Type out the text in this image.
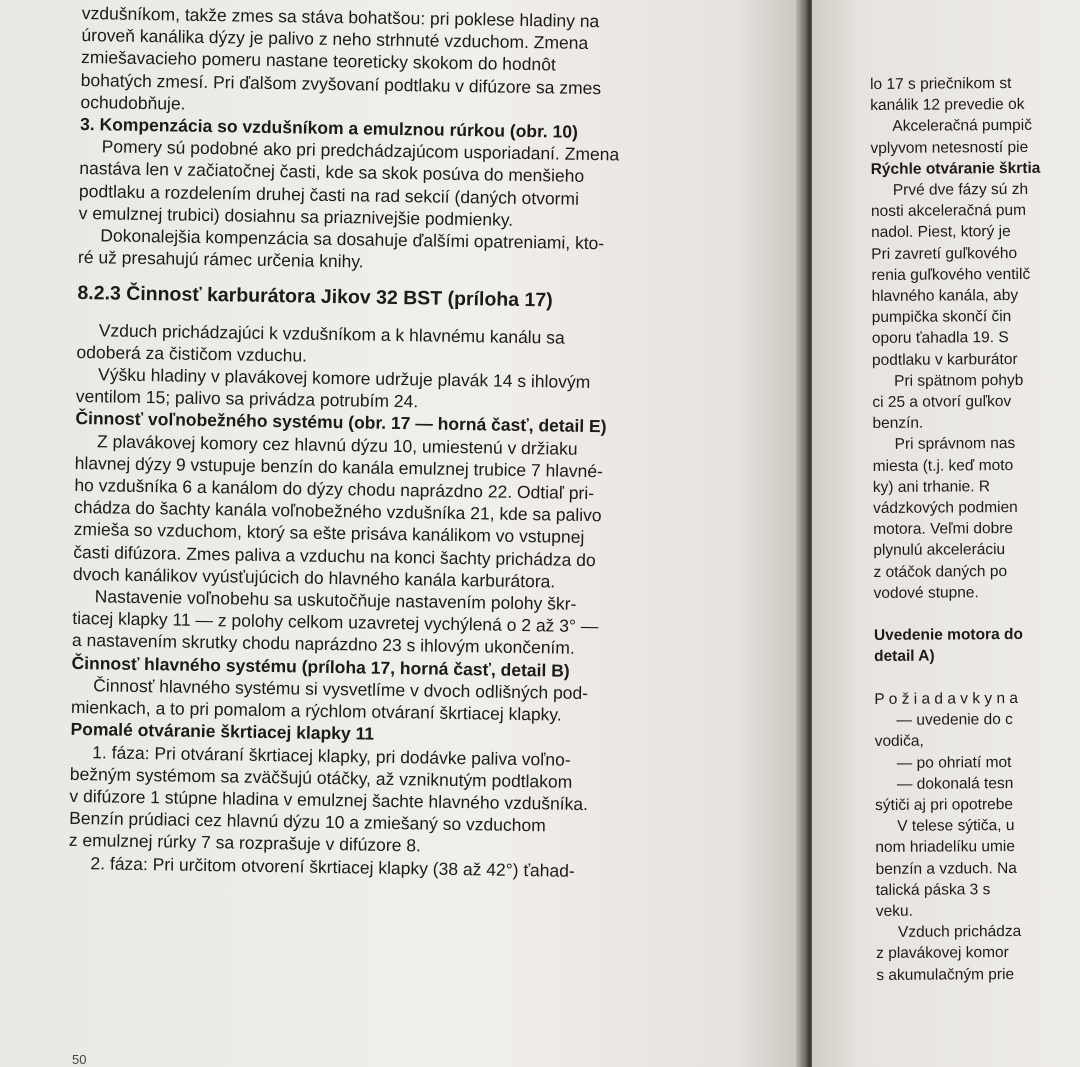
vzdušníkom, takže zmes sa stáva bohatšou: pri poklese hladiny na
úroveň kanálika dýzy je palivo z neho strhnuté vzduchom. Zmena
zmiešavacieho pomeru nastane teoreticky skokom do hodnôt
bohatých zmesí. Pri ďalšom zvyšovaní podtlaku v difúzore sa zmes
ochudobňuje.
3. Kompenzácia so vzdušníkom a emulznou rúrkou (obr. 10)
Pomery sú podobné ako pri predchádzajúcom usporiadaní. Zmena
nastáva len v začiatočnej časti, kde sa skok posúva do menšieho
podtlaku a rozdelením druhej časti na rad sekcií (daných otvormi
v emulznej trubici) dosiahnu sa priaznivejšie podmienky.
Dokonalejšia kompenzácia sa dosahuje ďalšími opatreniami, kto-
ré už presahujú rámec určenia knihy.
8.2.3 Činnosť karburátora Jikov 32 BST (príloha 17)
Vzduch prichádzajúci k vzdušníkom a k hlavnému kanálu sa
odoberá za čističom vzduchu.
Výšku hladiny v plavákovej komore udržuje plavák 14 s ihlovým
ventilom 15; palivo sa privádza potrubím 24.
Činnosť voľnobežného systému (obr. 17 — horná časť, detail E)
Z plavákovej komory cez hlavnú dýzu 10, umiestenú v držiaku
hlavnej dýzy 9 vstupuje benzín do kanála emulznej trubice 7 hlavné-
ho vzdušníka 6 a kanálom do dýzy chodu naprázdno 22. Odtiaľ pri-
chádza do šachty kanála voľnobežného vzdušníka 21, kde sa palivo
zmieša so vzduchom, ktorý sa ešte prisáva kanálikom vo vstupnej
časti difúzora. Zmes paliva a vzduchu na konci šachty prichádza do
dvoch kanálikov vyúsťujúcich do hlavného kanála karburátora.
Nastavenie voľnobehu sa uskutočňuje nastavením polohy škr-
tiacej klapky 11 — z polohy celkom uzavretej vychýlená o 2 až 3° —
a nastavením skrutky chodu naprázdno 23 s ihlovým ukončením.
Činnosť hlavného systému (príloha 17, horná časť, detail B)
Činnosť hlavného systému si vysvetlíme v dvoch odlišných pod-
mienkach, a to pri pomalom a rýchlom otváraní škrtiacej klapky.
Pomalé otváranie škrtiacej klapky 11
1. fáza: Pri otváraní škrtiacej klapky, pri dodávke paliva voľno-
bežným systémom sa zväčšujú otáčky, až vzniknutým podtlakom
v difúzore 1 stúpne hladina v emulznej šachte hlavného vzdušníka.
Benzín prúdiaci cez hlavnú dýzu 10 a zmiešaný so vzduchom
z emulznej rúrky 7 sa rozprašuje v difúzore 8.
2. fáza: Pri určitom otvorení škrtiacej klapky (38 až 42°) ťahad-
50
lo 17 s priečnikom st
kanálik 12 prevedie ok
Akceleračná pumpič
vplyvom netesností pie
Rýchle otváranie škrtia
Prvé dve fázy sú zh
nosti akceleračná pum
nadol. Piest, ktorý je
Pri zavretí guľkového
renia guľkového ventilč
hlavného kanála, aby
pumpička skončí čin
oporu ťahadla 19. S
podtlaku v karburátor
Pri spätnom pohyb
ci 25 a otvorí guľkov
benzín.
Pri správnom nas
miesta (t.j. keď moto
ky) ani trhanie. R
vádzkových podmien
motora. Veľmi dobre
plynulú akceleráciu
z otáčok daných po
vodové stupne.

Uvedenie motora do
detail A)

P o ž i a d a v k y n a
— uvedenie do c
vodiča,
— po ohriatí mot
— dokonalá tesn
sýtiči aj pri opotrebe
V telese sýtiča, u
nom hriadelíku umie
benzín a vzduch. Na
talická páska 3 s
veku.
Vzduch prichádza
z plavákovej komor
s akumulačným prie
